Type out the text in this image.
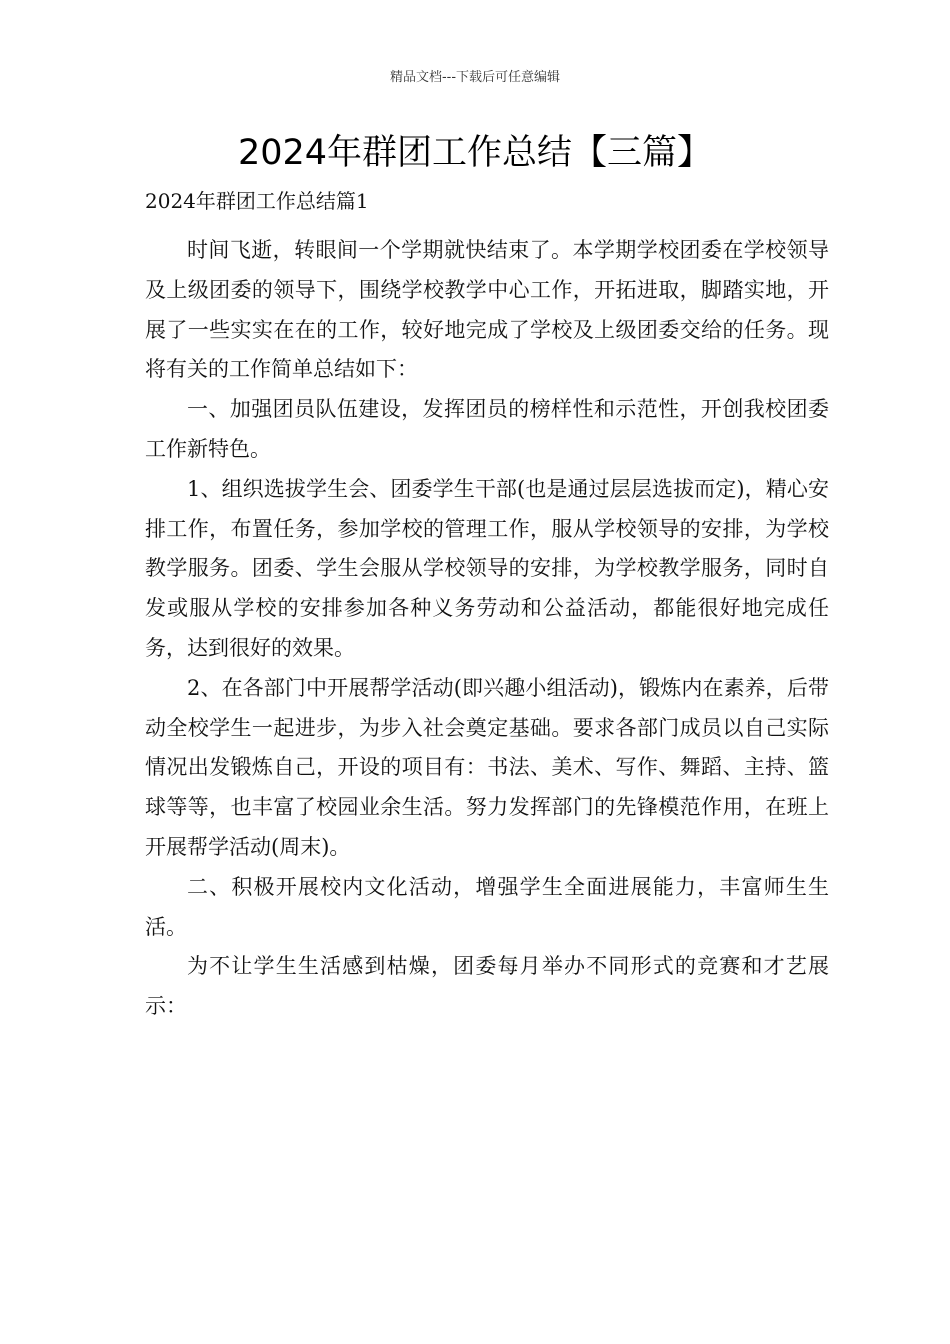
精品文档---下载后可任意编辑
2024年群团工作总结【三篇】
2024年群团工作总结篇1

时间飞逝，转眼间一个学期就快结束了。本学期学校团委在学校领导及上级团委的领导下，围绕学校教学中心工作，开拓进取，脚踏实地，开展了一些实实在在的工作，较好地完成了学校及上级团委交给的任务。现将有关的工作简单总结如下：

一、加强团员队伍建设，发挥团员的榜样性和示范性，开创我校团委工作新特色。

1、组织选拔学生会、团委学生干部(也是通过层层选拔而定)，精心安排工作，布置任务，参加学校的管理工作，服从学校领导的安排，为学校教学服务。团委、学生会服从学校领导的安排，为学校教学服务，同时自发或服从学校的安排参加各种义务劳动和公益活动，都能很好地完成任务，达到很好的效果。

2、在各部门中开展帮学活动(即兴趣小组活动)，锻炼内在素养，后带动全校学生一起进步，为步入社会奠定基础。要求各部门成员以自己实际情况出发锻炼自己，开设的项目有：书法、美术、写作、舞蹈、主持、篮球等等，也丰富了校园业余生活。努力发挥部门的先锋模范作用，在班上开展帮学活动(周末)。

二、积极开展校内文化活动，增强学生全面进展能力，丰富师生生活。

为不让学生生活感到枯燥，团委每月举办不同形式的竞赛和才艺展示：
